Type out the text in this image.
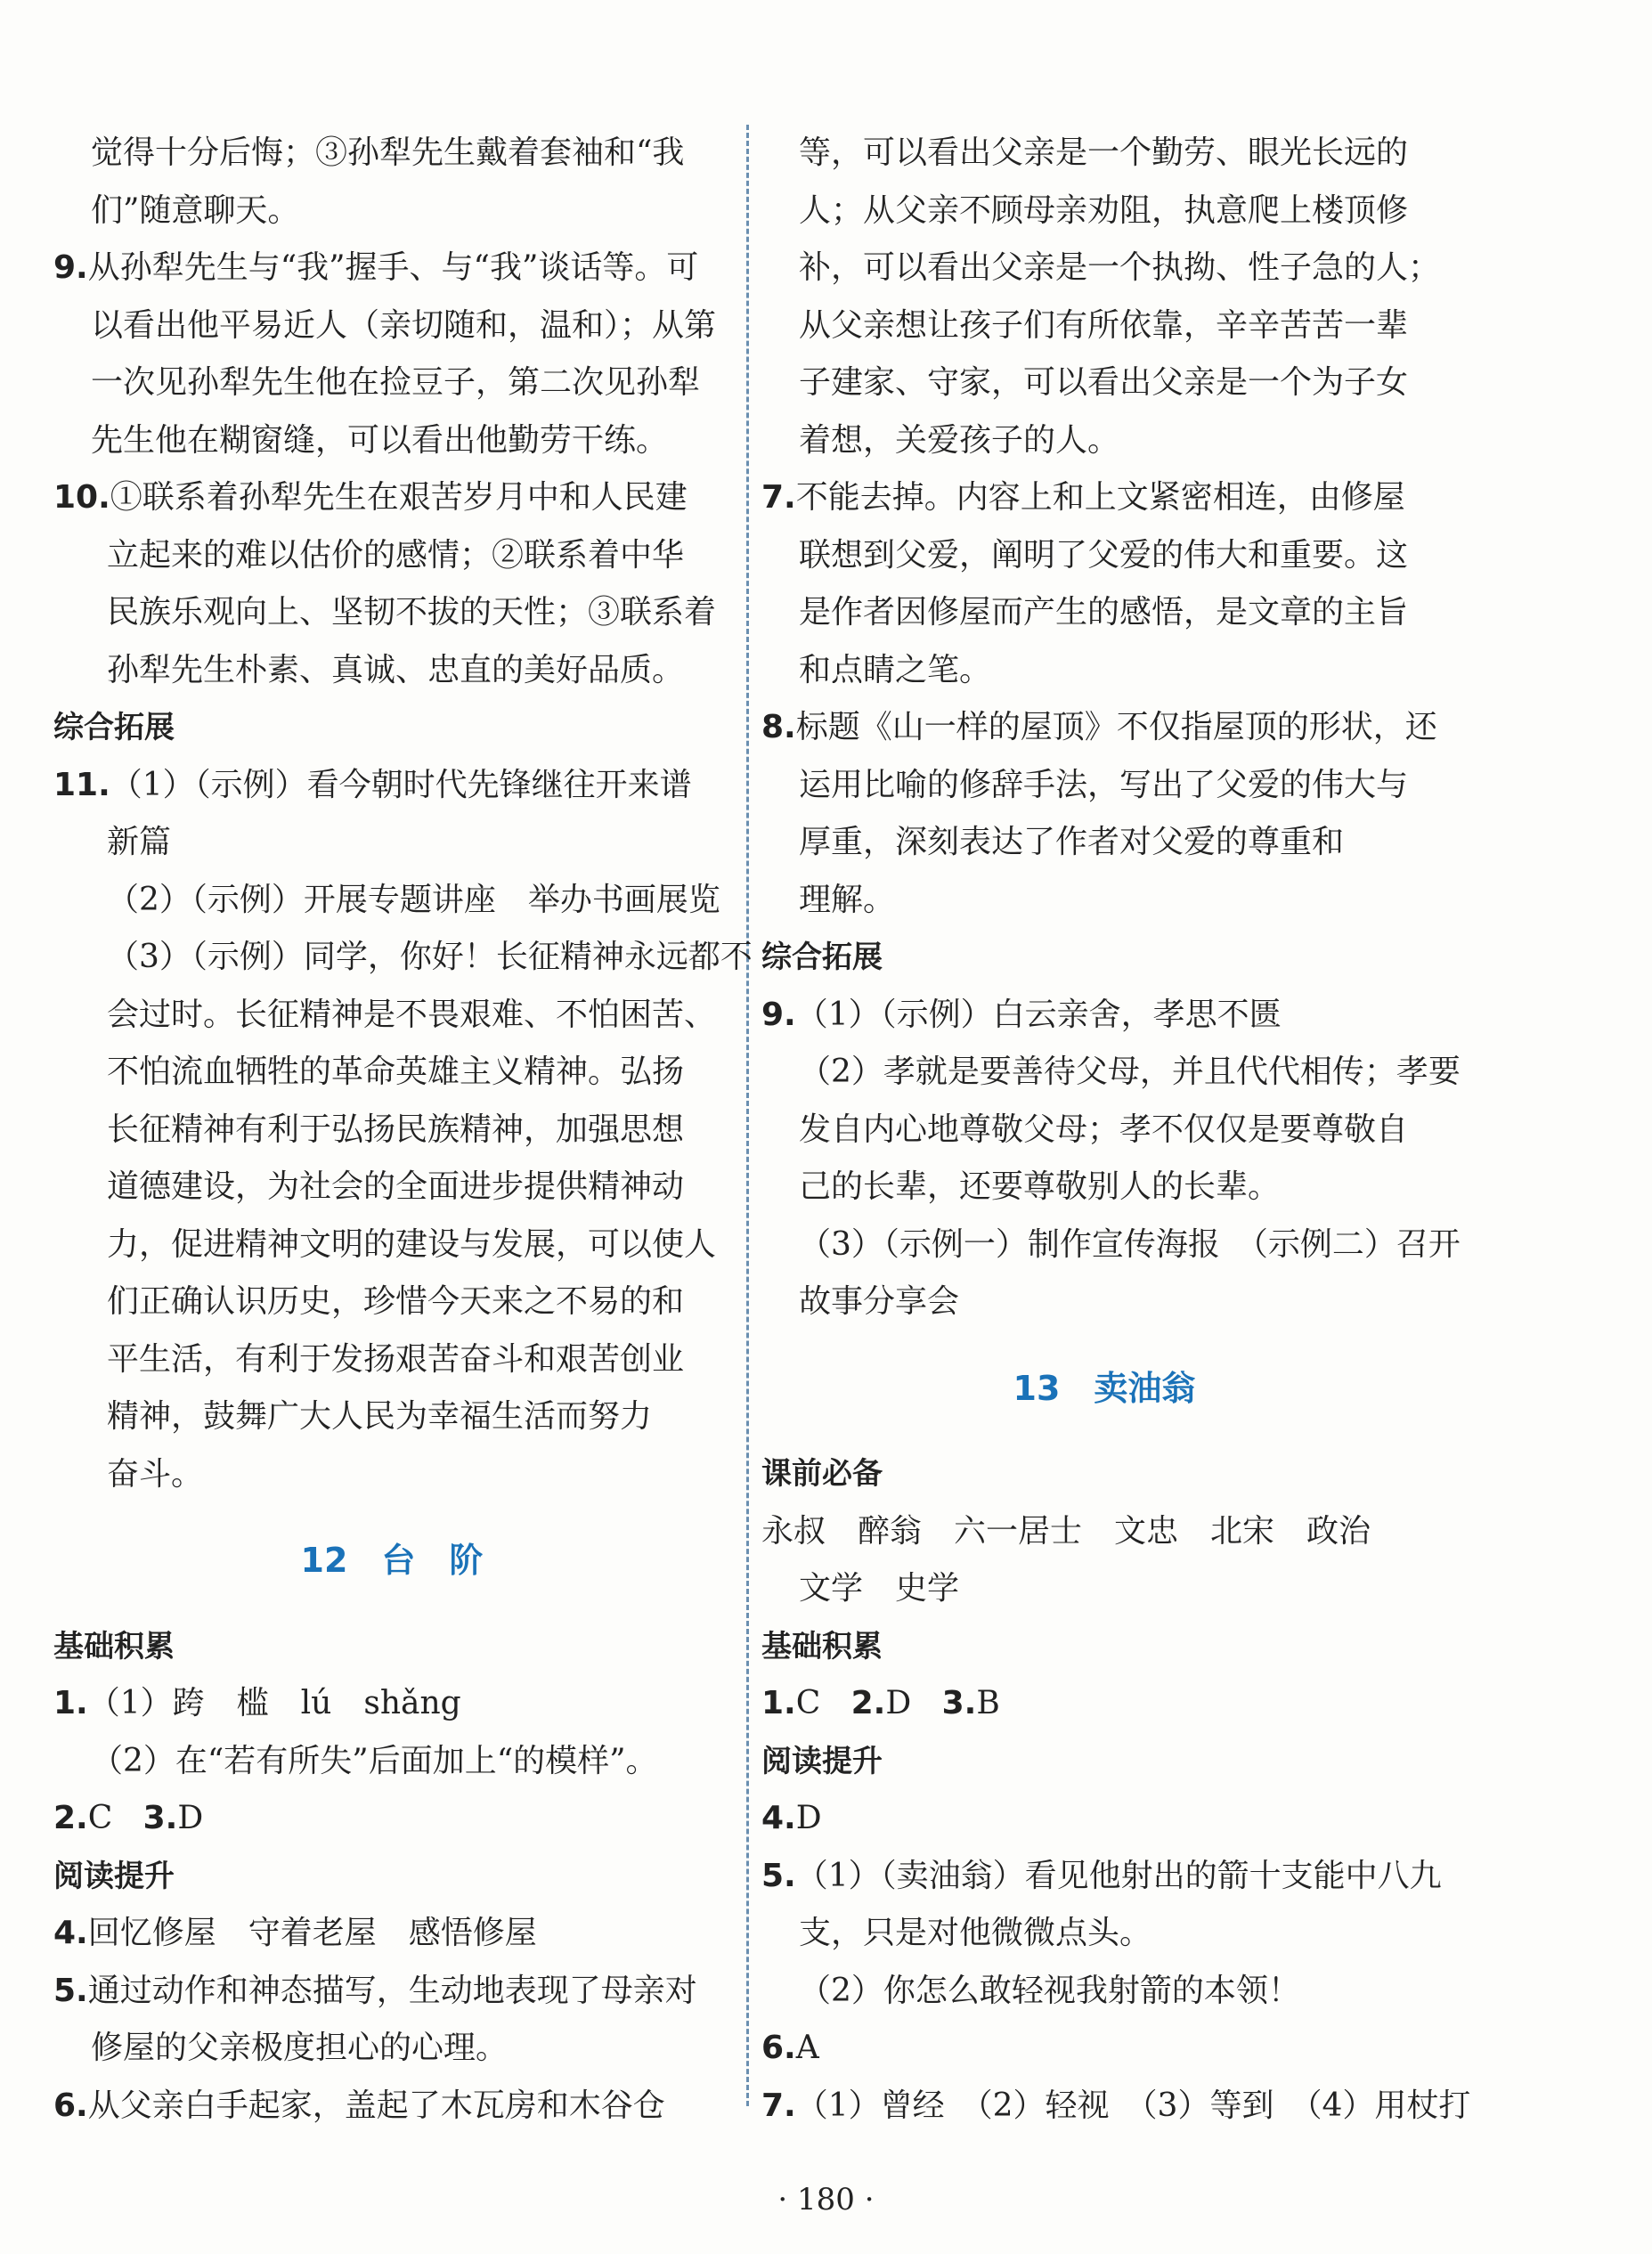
觉得十分后悔；③孙犁先生戴着套袖和“我
们”随意聊天。
9.从孙犁先生与“我”握手、与“我”谈话等。可
以看出他平易近人（亲切随和，温和）；从第
一次见孙犁先生他在捡豆子，第二次见孙犁
先生他在糊窗缝，可以看出他勤劳干练。
10.①联系着孙犁先生在艰苦岁月中和人民建
立起来的难以估价的感情；②联系着中华
民族乐观向上、坚韧不拔的天性；③联系着
孙犁先生朴素、真诚、忠直的美好品质。
综合拓展
11.（1）（示例）看今朝时代先锋继往开来谱
新篇
（2）（示例）开展专题讲座　举办书画展览
（3）（示例）同学，你好！长征精神永远都不
会过时。长征精神是不畏艰难、不怕困苦、
不怕流血牺牲的革命英雄主义精神。弘扬
长征精神有利于弘扬民族精神，加强思想
道德建设，为社会的全面进步提供精神动
力，促进精神文明的建设与发展，可以使人
们正确认识历史，珍惜今天来之不易的和
平生活，有利于发扬艰苦奋斗和艰苦创业
精神，鼓舞广大人民为幸福生活而努力
奋斗。
12　台　阶
基础积累
1.（1）跨　槛　lú　shǎng
（2）在“若有所失”后面加上“的模样”。
2.C 3.D
阅读提升
4.回忆修屋　守着老屋　感悟修屋
5.通过动作和神态描写，生动地表现了母亲对
修屋的父亲极度担心的心理。
6.从父亲白手起家，盖起了木瓦房和木谷仓
等，可以看出父亲是一个勤劳、眼光长远的
人；从父亲不顾母亲劝阻，执意爬上楼顶修
补，可以看出父亲是一个执拗、性子急的人；
从父亲想让孩子们有所依靠，辛辛苦苦一辈
子建家、守家，可以看出父亲是一个为子女
着想，关爱孩子的人。
7.不能去掉。内容上和上文紧密相连，由修屋
联想到父爱，阐明了父爱的伟大和重要。这
是作者因修屋而产生的感悟，是文章的主旨
和点睛之笔。
8.标题《山一样的屋顶》不仅指屋顶的形状，还
运用比喻的修辞手法，写出了父爱的伟大与
厚重，深刻表达了作者对父爱的尊重和
理解。
综合拓展
9.（1）（示例）白云亲舍，孝思不匮
（2）孝就是要善待父母，并且代代相传；孝要
发自内心地尊敬父母；孝不仅仅是要尊敬自
己的长辈，还要尊敬别人的长辈。
（3）（示例一）制作宣传海报　（示例二）召开
故事分享会
13　卖油翁
课前必备
永叔　醉翁　六一居士　文忠　北宋　政治
文学　史学
基础积累
1.C 2.D 3.B
阅读提升
4.D
5.（1）（卖油翁）看见他射出的箭十支能中八九
支，只是对他微微点头。
（2）你怎么敢轻视我射箭的本领！
6.A
7.（1）曾经　（2）轻视　（3）等到　（4）用杖打
· 180 ·
